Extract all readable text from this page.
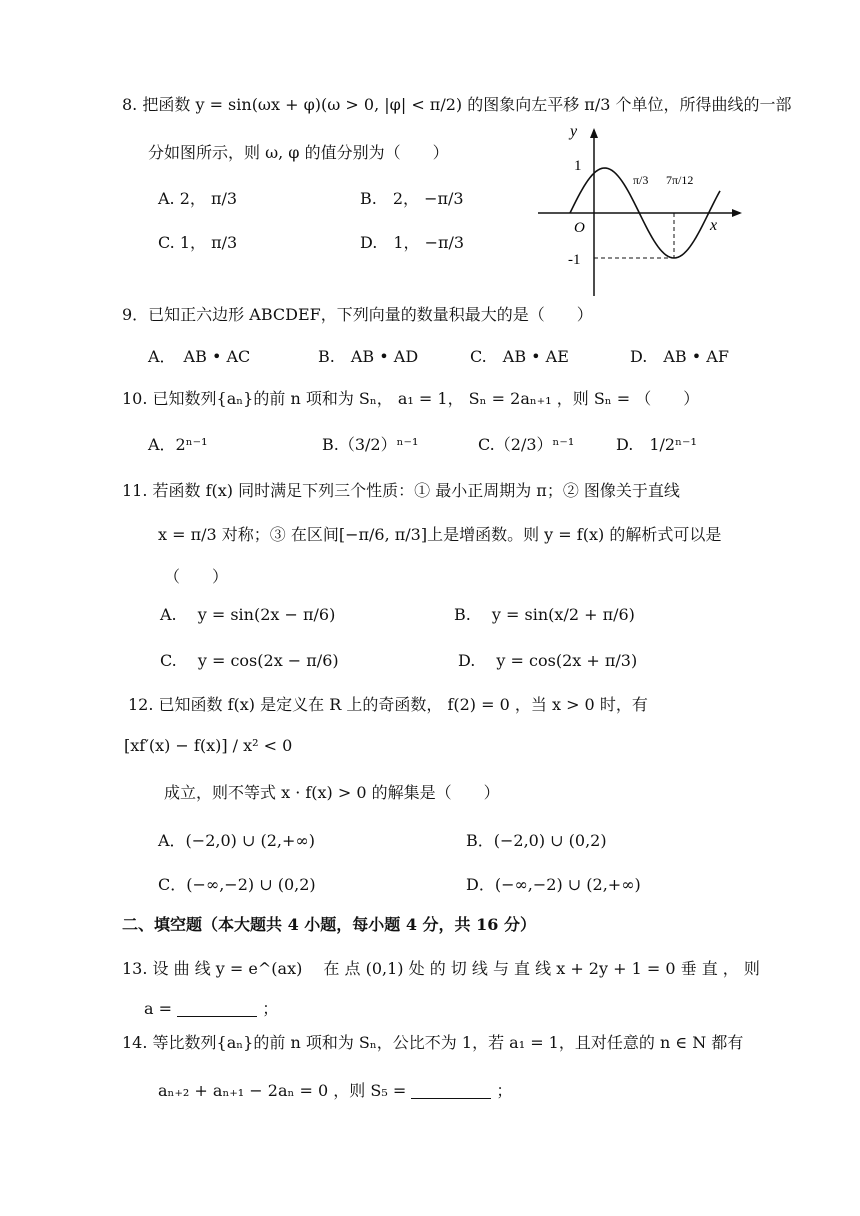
8. 把函数 y = sin(ωx + φ)(ω > 0, |φ| < π/2) 的图象向左平移 π/3 个单位，所得曲线的一部
分如图所示，则 ω, φ 的值分别为（　　）
A. 2， π/3	B.　2， −π/3
C. 1， π/3	D.　1， −π/3
y
x
O
1
-1
π/3 7π/12
9．已知正六边形 ABCDEF，下列向量的数量积最大的是（　　）
A．　AB • AC	B.　AB • AD	C.　AB • AE	D.　AB • AF
10. 已知数列{aₙ}的前 n 项和为 Sₙ， a₁ = 1， Sₙ = 2aₙ₊₁ ，则 Sₙ = （　　）
A．2ⁿ⁻¹	B.（3/2）ⁿ⁻¹	C.（2/3）ⁿ⁻¹	D.　1/2ⁿ⁻¹
11. 若函数 f(x) 同时满足下列三个性质：① 最小正周期为 π；② 图像关于直线
x = π/3 对称；③ 在区间[−π/6, π/3]上是增函数。则 y = f(x) 的解析式可以是
（　　）
A.　 y = sin(2x − π/6)	B.　 y = sin(x/2 + π/6)
C.　 y = cos(2x − π/6)	D.　 y = cos(2x + π/3)
12. 已知函数 f(x) 是定义在 R 上的奇函数， f(2) = 0 ，当 x > 0 时，有
[xf′(x) − f(x)] / x² < 0
成立，则不等式 x · f(x) > 0 的解集是（　　）
A．(−2,0) ∪ (2,+∞)	B．(−2,0) ∪ (0,2)
C．(−∞,−2) ∪ (0,2)	D．(−∞,−2) ∪ (2,+∞)
二、填空题（本大题共 4 小题，每小题 4 分，共 16 分）
13. 设 曲 线 y = e^(ax)　 在 点 (0,1) 处 的 切 线 与 直 线 x + 2y + 1 = 0 垂 直 ， 则
a =	；
14. 等比数列{aₙ}的前 n 项和为 Sₙ，公比不为 1，若 a₁ = 1，且对任意的 n ∈ N 都有
aₙ₊₂ + aₙ₊₁ − 2aₙ = 0 ，则 S₅ =	；
